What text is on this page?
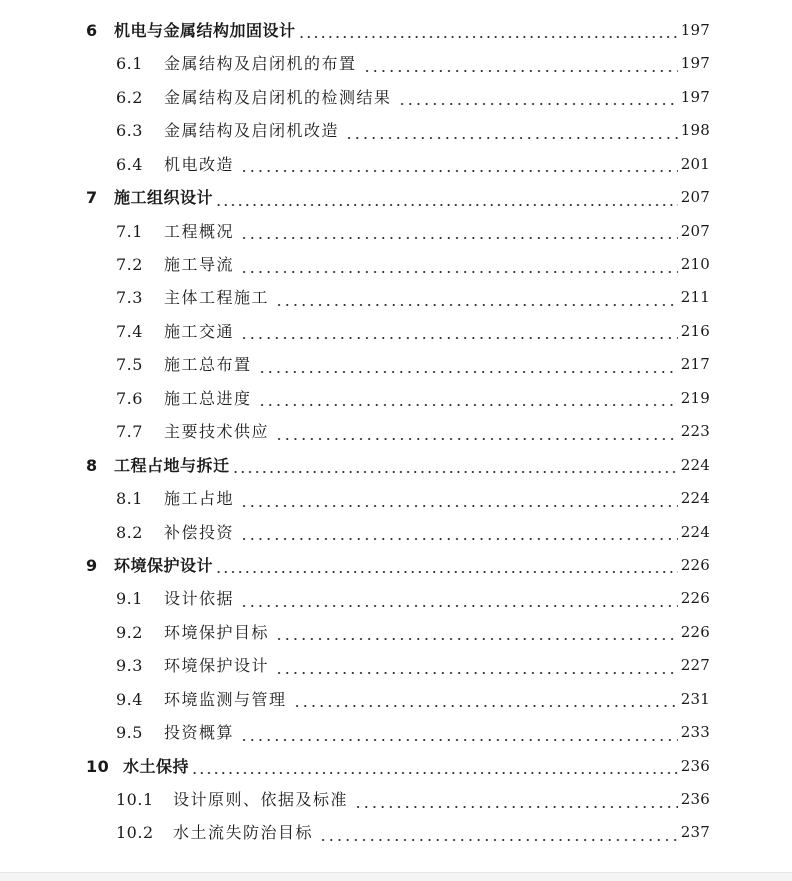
6	机电与金属结构加固设计	197
6.1	金属结构及启闭机的布置	197
6.2	金属结构及启闭机的检测结果	197
6.3	金属结构及启闭机改造	198
6.4	机电改造	201
7	施工组织设计	207
7.1	工程概况	207
7.2	施工导流	210
7.3	主体工程施工	211
7.4	施工交通	216
7.5	施工总布置	217
7.6	施工总进度	219
7.7	主要技术供应	223
8	工程占地与拆迁	224
8.1	施工占地	224
8.2	补偿投资	224
9	环境保护设计	226
9.1	设计依据	226
9.2	环境保护目标	226
9.3	环境保护设计	227
9.4	环境监测与管理	231
9.5	投资概算	233
10 水土保持	236
10.1	设计原则、依据及标准	236
10.2	水土流失防治目标	237
